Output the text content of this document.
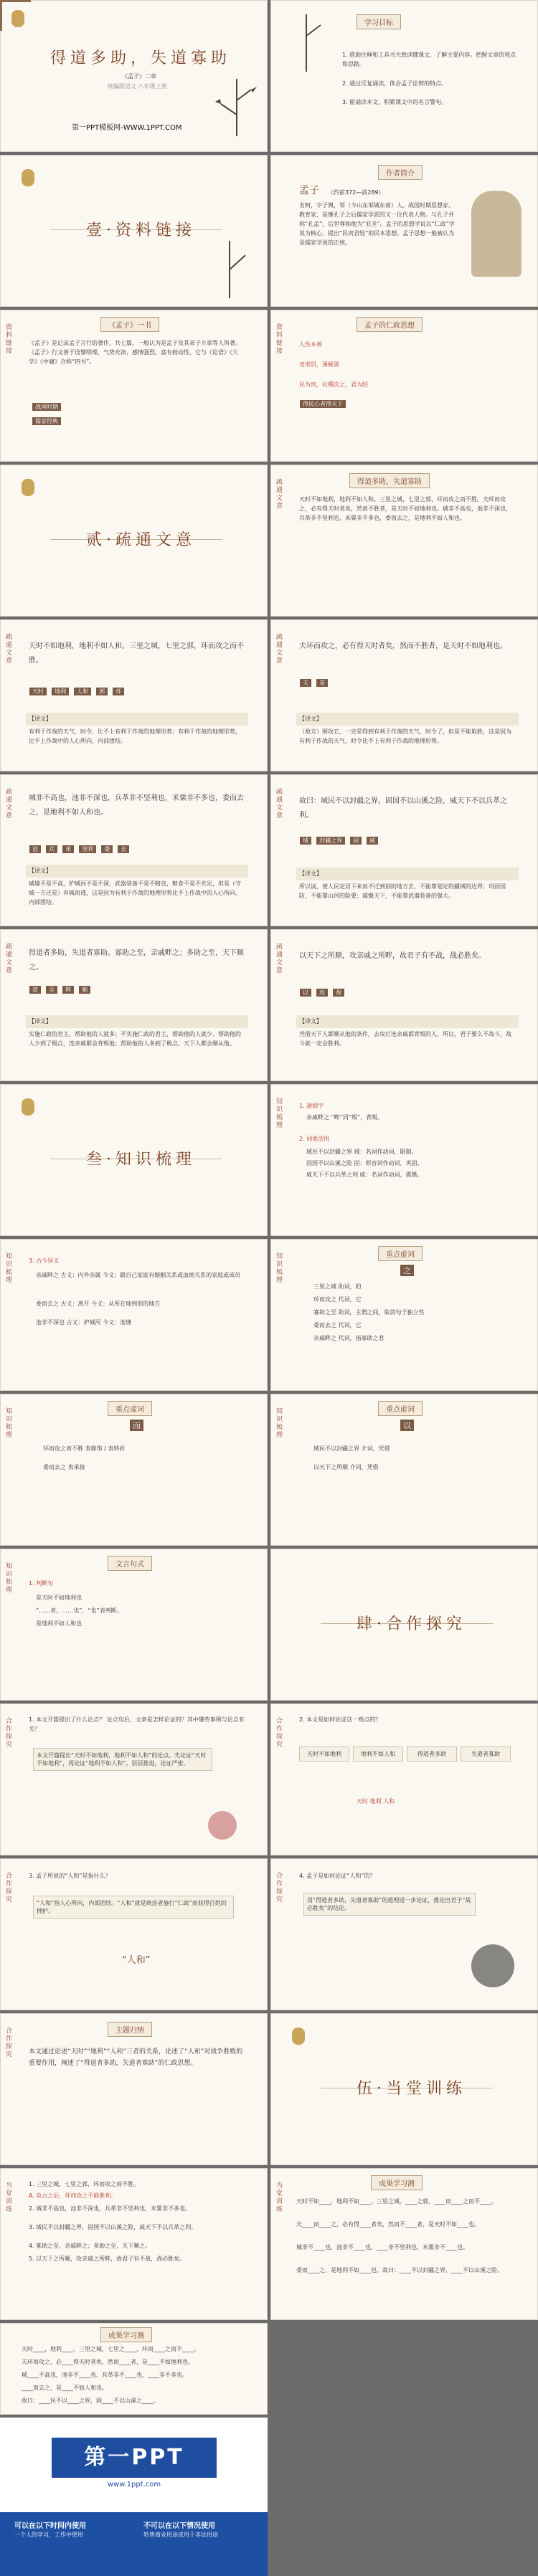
得道多助，失道寡助
《孟子》二章
统编版语文·八年级上册
第一PPT模板网-WWW.1PPT.COM
学习目标
1. 借助注释和工具书大致读懂课文，了解主要内容。把握文章的观点和思路。
2. 通过反复诵读，体会孟子论辩的特点。
3. 能诵读本文，积累课文中的名言警句。
壹·资料链接
作者简介
孟子 （约前372—前289）
名轲，字子舆，邹（今山东邹城东南）人。战国时期思想家、教育家，是继孔子之后儒家学派的又一位代表人物。与孔子并称“孔孟”，后世尊称他为“亚圣”。孟子的思想学说以“仁政”学说为核心，提出“民贵君轻”的民本思想。孟子思想一般被认为是儒家学说的正统。
资料链接
《孟子》一书
《孟子》是记录孟子言行的著作，共七篇，一般认为是孟子及其弟子万章等人所著。《孟子》行文善于设譬明理，气势充沛，感情强烈，富有鼓动性。它与《论语》《大学》《中庸》合称“四书”。
战国时期
儒家经典
资料链接
孟子的仁政思想
人性本善
省刑罚，薄税敛
民为贵，社稷次之，君为轻
得民心者得天下
贰·疏通文意
疏通文意
得道多助，失道寡助
天时不如地利，地利不如人和。三里之城，七里之郭，环而攻之而不胜。夫环而攻之，必有得天时者矣，然而不胜者，是天时不如地利也。城非不高也，池非不深也，兵革非不坚利也，米粟非不多也，委而去之，是地利不如人和也。
疏通文意
天时不如地利，地利不如人和。三里之城，七里之郭，环而攻之而不胜。
天时 地利 人和 郭 环
【译文】
有利于作战的天气、时令，比不上有利于作战的地理形势；有利于作战的地理形势，比不上作战中的人心所向、内部团结。
疏通文意
夫环而攻之，必有得天时者矣，然而不胜者，是天时不如地利也。
夫 是
【译文】
（敌方）围攻它，一定是得到有利于作战的天气、时令了，但是不能取胜，这是因为有利于作战的天气、时令比不上有利于作战的地理形势。
疏通文意
城非不高也，池非不深也，兵革非不坚利也，米粟非不多也，委而去之，是地利不如人和也。
池 兵 革 坚利 委 去
【译文】
城墙不是不高，护城河不是不深，武器装备不是不精良，粮食不是不充足，但是（守城一方还是）弃城而逃，这是因为有利于作战的地理形势比不上作战中的人心所向、内部团结。
疏通文意
故曰：域民不以封疆之界，固国不以山溪之险，威天下不以兵革之利。
域 封疆之界 固 威
【译文】
所以说，使人民定居下来而不迁到别的地方去，不能靠划定的疆域的边界；巩固国防，不能靠山河的险要；震慑天下，不能靠武器装备的强大。
疏通文意
得道者多助，失道者寡助。寡助之至，亲戚畔之；多助之至，天下顺之。
道 至 畔 顺
【译文】
实施仁政的君主，帮助他的人就多；不实施仁政的君主，帮助他的人就少。帮助他的人少到了极点，连亲戚都会背叛他；帮助他的人多到了极点，天下人都会顺从他。
疏通文意
以天下之所顺，攻亲戚之所畔，故君子有不战，战必胜矣。
以 攻 故
【译文】
凭借天下人都顺从他的条件，去攻打连亲戚都背叛的人，所以，君子要么不战斗，战斗就一定会胜利。
叁·知识梳理
知识梳理
1. 通假字
亲戚畔之 “畔”同“叛”，背叛。
2. 词类活用
域民不以封疆之界 域：名词作动词，限制。
固国不以山溪之险 固：形容词作动词，巩固。
威天下不以兵革之利 威：名词作动词，震慑。
知识梳理
3. 古今异义
亲戚畔之 古义：内外亲属 今义：跟自己家庭有婚姻关系或血统关系的家庭或成员
委而去之 古义：离开 今义：从所在地到别的地方
池非不深也 古义：护城河 今义：池塘
知识梳理
重点虚词
之
三里之城 助词，的
环而攻之 代词，它
寡助之至 助词，主谓之间，取消句子独立性
委而去之 代词，它
亲戚畔之 代词，指寡助之君
知识梳理
重点虚词
而
环而攻之而不胜 表修饰 / 表转折
委而去之 表承接
知识梳理
重点虚词
以
域民不以封疆之界 介词，凭借
以天下之所顺 介词，凭借
知识梳理
文言句式
1. 判断句
是天时不如地利也
“……者，……也”，“也”表判断。
是地利不如人和也	肆·合作探究
合作探究
1. 本文开篇提出了什么论点？ 论点句后，文章是怎样论证的？其中哪些事例与论点有关？
本文开篇提出“天时不如地利，地利不如人和”的论点。先论证“天时不如地利”，再论证“地利不如人和”。层层推进，论证严密。
合作探究
2. 本文是如何论证这一观点的？
天时不如地利	地利不如人和	得道者多助	失道者寡助
天时 地利 人和
合作探究
3. 孟子所说的“人和”是指什么？
“人和”指人心所向，内部团结。“人和”就是统治者施行“仁政”而获得百姓的拥护。
“人和”
合作探究
4. 孟子是如何论证“人和”的？
用“得道者多助，失道者寡助”的道理进一步论证，推论出君子“战必胜矣”的结论。
合作探究
主题归纳
本文通过论述“天时”“地利”“人和”三者的关系，论述了“人和”对战争胜败的重要作用，阐述了“得道者多助，失道者寡助”的仁政思想。
伍·当堂训练
当堂训练
1. 三里之城，七里之郭，环而攻之而不胜。
A. 攻占之后，环而攻之不能胜利。
2. 城非不高也，池非不深也，兵革非不坚利也，米粟非不多也。
3. 域民不以封疆之界，固国不以山溪之险，威天下不以兵革之利。
4. 寡助之至，亲戚畔之；多助之至，天下顺之。
5. 以天下之所顺，攻亲戚之所畔，故君子有不战，战必胜矣。
当堂训练
成果学习测
天时不如____，地利不如____。三里之城，____之郭，____而____之而不____。
夫____而____之，必有得____者矣，然而不____者，是天时不如____也。
城非不____也，池非不____也，____非不坚利也，米粟非不____也。
委而____之，是地利不如____也。故曰：____不以封疆之界，____不以山溪之险。
成果学习测
天时____，地利____。三里之城，七里之____，环而____之而不____。
夫环而攻之，必____得天时者矣，然而____者，是____不如地利也。
城____不高也，池非不____也，兵革非不____也，____非不多也。
____而去之，是____不如人和也。
故曰：____民不以____之界，固____不以山溪之____。
第一PPT
www.1ppt.com
可以在以下时间内使用
一个人的学习，工作中使用
不可以在以下情况使用
转售商业用途或用于非法用途
